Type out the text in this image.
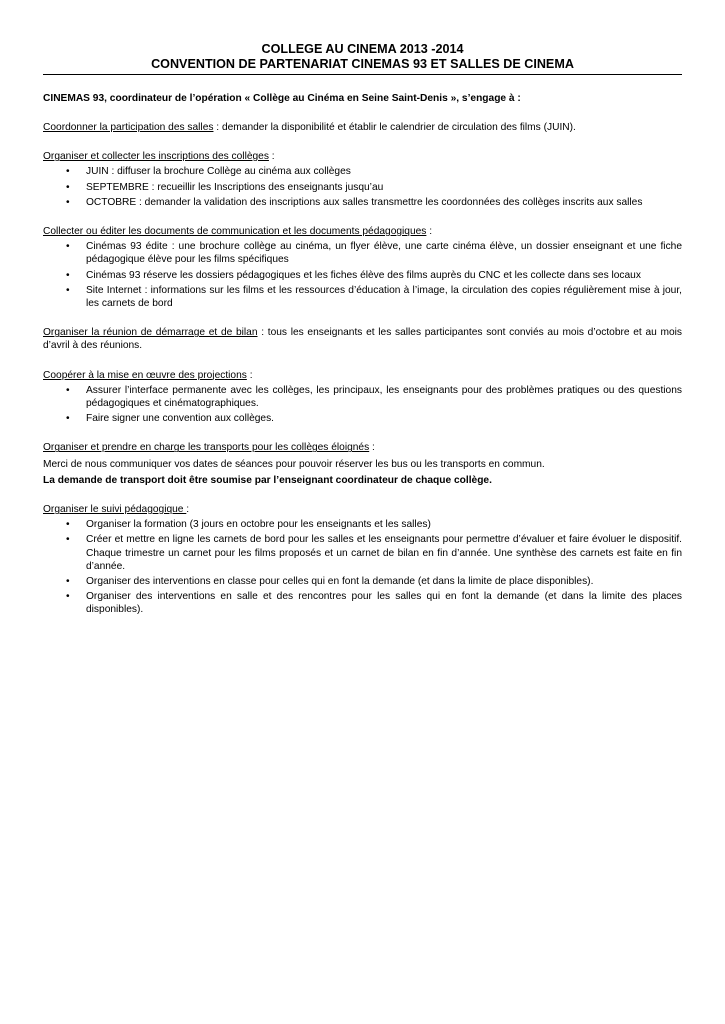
COLLEGE AU CINEMA 2013 -2014

CONVENTION DE PARTENARIAT CINEMAS 93 ET SALLES DE CINEMA

CINEMAS 93, coordinateur de l’opération « Collège au Cinéma en Seine Saint-Denis », s’engage à :

Coordonner la participation des salles : demander la disponibilité et établir le calendrier de circulation des films (JUIN).

Organiser et collecter les inscriptions des collèges :

• JUIN : diffuser la brochure Collège au cinéma aux collèges
• SEPTEMBRE : recueillir les Inscriptions des enseignants jusqu’au
• OCTOBRE : demander la validation des inscriptions aux salles transmettre les coordonnées des collèges inscrits aux salles

Collecter ou éditer les documents de communication et les documents pédagogiques :

• Cinémas 93 édite : une brochure collège au cinéma, un flyer élève, une carte cinéma élève, un dossier enseignant et une fiche pédagogique élève pour les films spécifiques
• Cinémas 93 réserve les dossiers pédagogiques et les fiches élève des films auprès du CNC et les collecte dans ses locaux
• Site Internet : informations sur les films et les ressources d’éducation à l’image, la circulation des copies régulièrement mise à jour, les carnets de bord

Organiser la réunion de démarrage et de bilan : tous les enseignants et les salles participantes sont conviés au mois d’octobre et au mois d’avril à des réunions.

Coopérer à la mise en œuvre des projections :

• Assurer l’interface permanente avec les collèges, les principaux, les enseignants pour des problèmes pratiques ou des questions pédagogiques et cinématographiques.
• Faire signer une convention aux collèges.

Organiser et prendre en charge les transports pour les collèges éloignés :

Merci de nous communiquer vos dates de séances pour pouvoir réserver les bus ou les transports en commun.

La demande de transport doit être soumise par l’enseignant coordinateur de chaque collège.

Organiser le suivi pédagogique :

• Organiser la formation (3 jours en octobre pour les enseignants et les salles)
• Créer et mettre en ligne les carnets de bord pour les salles et les enseignants pour permettre d’évaluer et faire évoluer le dispositif. Chaque trimestre un carnet pour les films proposés et un carnet de bilan en fin d’année. Une synthèse des carnets est faite en fin d’année.
• Organiser des interventions en classe pour celles qui en font la demande (et dans la limite de place disponibles).
• Organiser des interventions en salle et des rencontres pour les salles qui en font la demande (et dans la limite des places disponibles).
